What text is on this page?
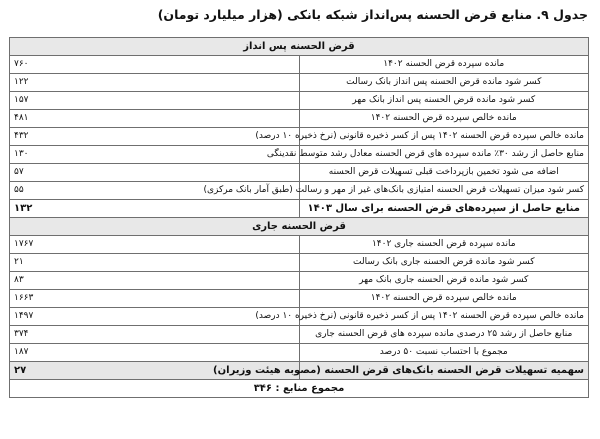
جدول ۹. منابع قرض الحسنه پس‌انداز شبکه بانکی (هزار میلیارد تومان)
قرض الحسنه پس انداز	
۷۶۰	مانده سپرده قرض الحسنه ۱۴۰۲
۱۲۲	کسر شود مانده قرض الحسنه پس انداز بانک رسالت
۱۵۷	کسر شود مانده قرض الحسنه پس انداز بانک مهر
۴۸۱	مانده خالص سپرده قرض الحسنه ۱۴۰۲
۴۳۲	مانده خالص سپرده قرض الحسنه ۱۴۰۲ پس از کسر ذخیره قانونی (نرخ ذخیره ۱۰ درصد)
۱۳۰	منابع حاصل از رشد ۳۰٪ مانده سپرده های قرض الحسنه معادل رشد متوسط نقدینگی
۵۷	اضافه می شود تخمین بازپرداخت قبلی تسهیلات قرض الحسنه
۵۵	کسر شود میزان تسهیلات قرض الحسنه امتیازی بانک‌های غیر از مهر و رسالت (طبق آمار بانک مرکزی)
۱۳۲	منابع حاصل از سپرده‌های قرض الحسنه برای سال ۱۴۰۳
قرض الحسنه جاری	
۱۷۶۷	مانده سپرده قرض الحسنه جاری ۱۴۰۲
۲۱	کسر شود مانده قرض الحسنه جاری بانک رسالت
۸۳	کسر شود مانده قرض الحسنه جاری بانک مهر
۱۶۶۳	مانده خالص سپرده قرض الحسنه ۱۴۰۲
۱۴۹۷	مانده خالص سپرده قرض الحسنه ۱۴۰۲ پس از کسر ذخیره قانونی (نرخ ذخیره ۱۰ درصد)
۳۷۴	منابع حاصل از رشد ۲۵ درصدی مانده سپرده های قرض الحسنه جاری
۱۸۷	مجموع با احتساب نسبت ۵۰ درصد
۲۷	سهمیه تسهیلات قرض الحسنه بانک‌های قرض الحسنه (مصوبه هیئت وزیران)
مجموع منابع : ۳۴۶	
